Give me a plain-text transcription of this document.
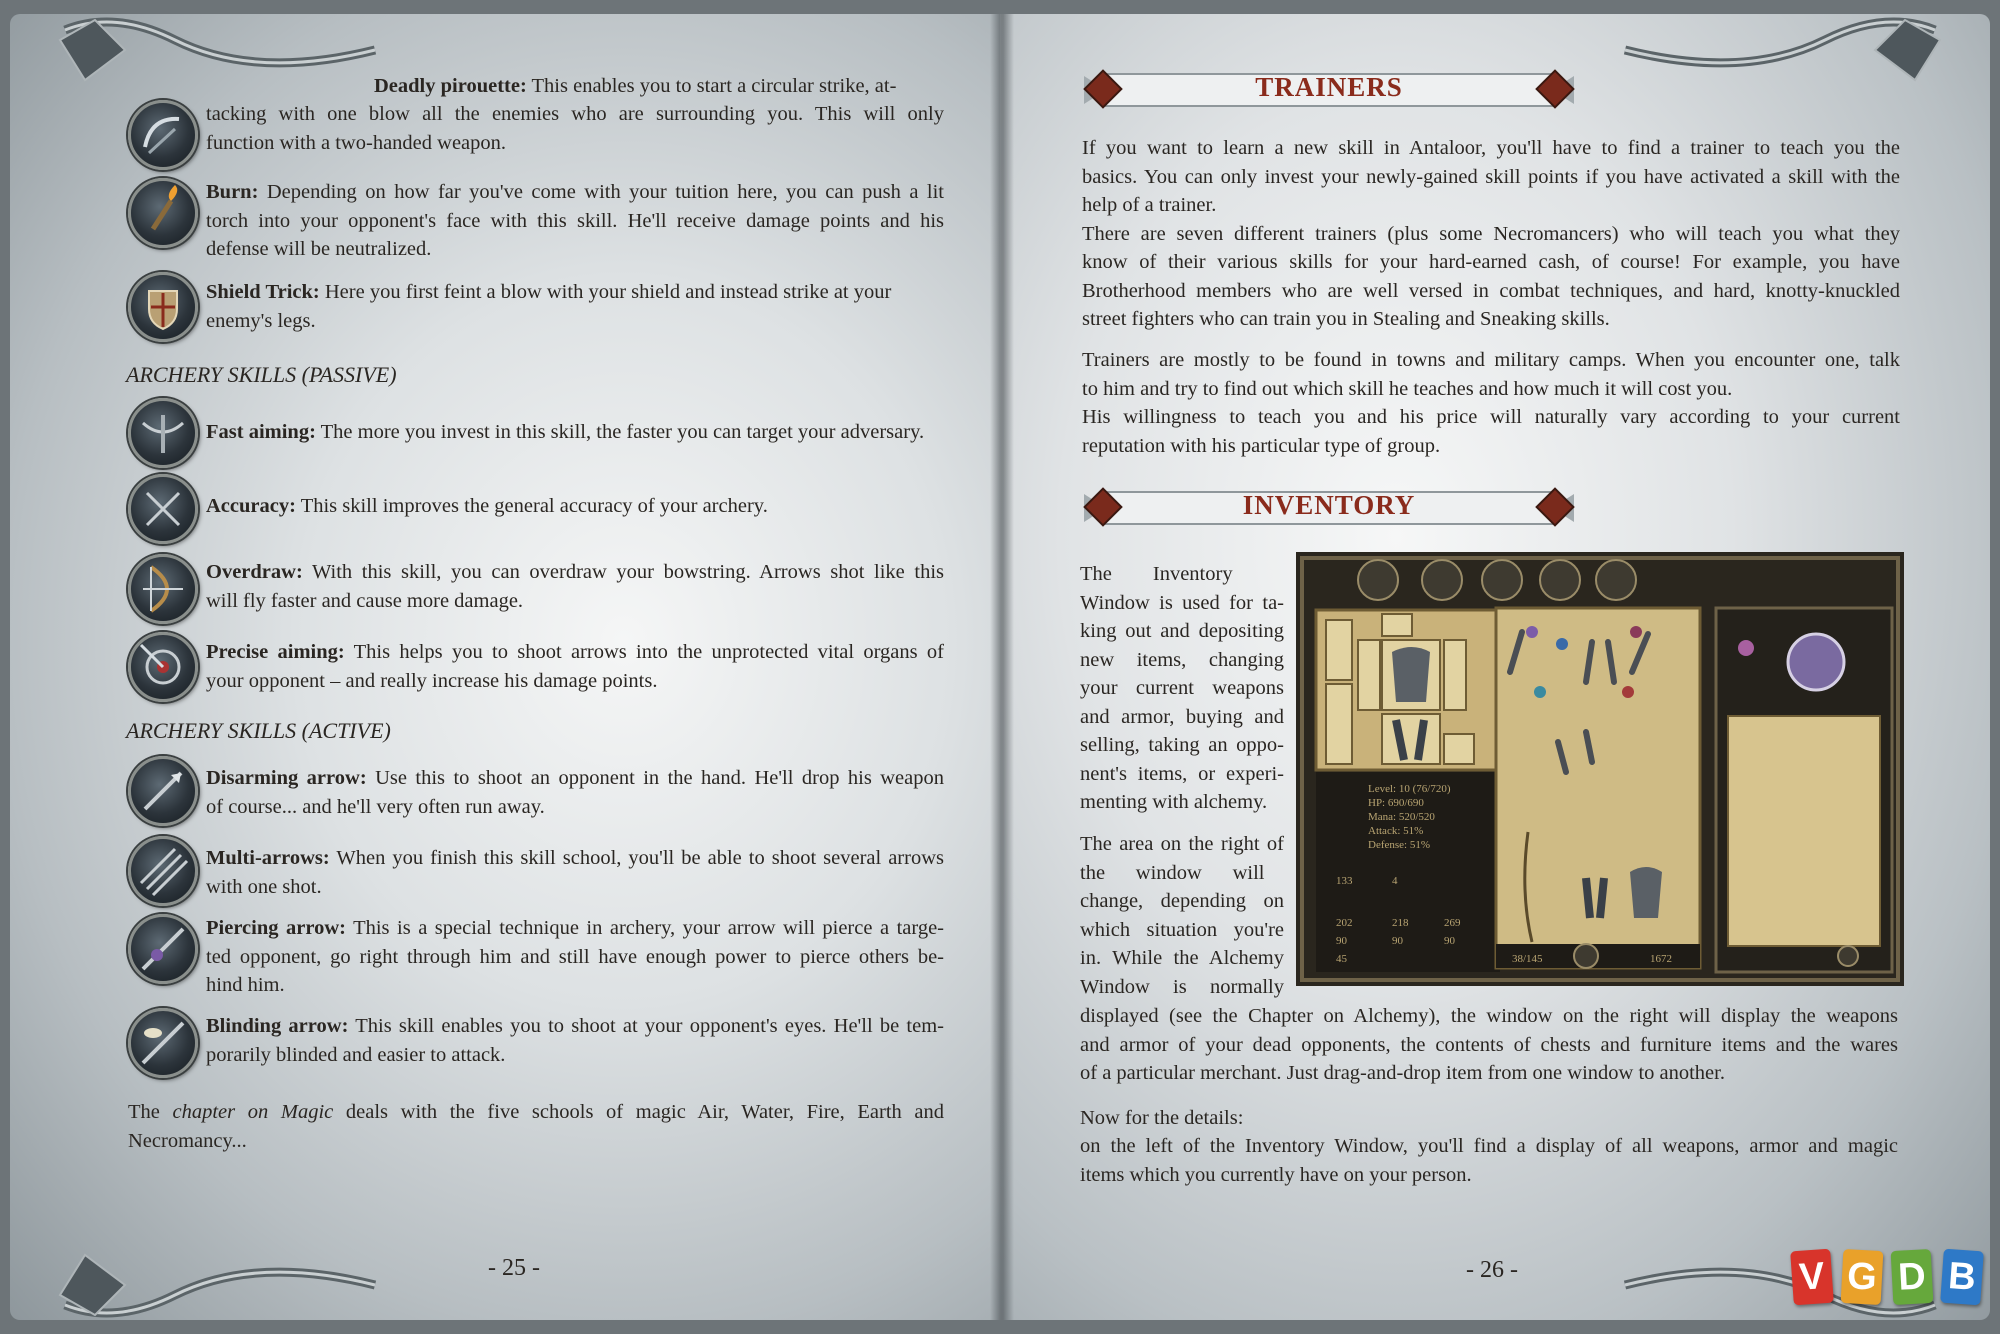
Deadly pirouette: This enables you to start a circular strike, at-
tacking with one blow all the enemies who are surrounding you. This will only
function with a two-handed weapon.
Burn: Depending on how far you've come with your tuition here, you can push a lit
torch into your opponent's face with this skill. He'll receive damage points and his
defense will be neutralized.
Shield Trick: Here you first feint a blow with your shield and instead strike at your
enemy's legs.
ARCHERY SKILLS (PASSIVE)
Fast aiming: The more you invest in this skill, the faster you can target your adversary.
Accuracy: This skill improves the general accuracy of your archery.
Overdraw: With this skill, you can overdraw your bowstring. Arrows shot like this
will fly faster and cause more damage.
Precise aiming: This helps you to shoot arrows into the unprotected vital organs of
your opponent – and really increase his damage points.
ARCHERY SKILLS (ACTIVE)
Disarming arrow: Use this to shoot an opponent in the hand. He'll drop his weapon
of course... and he'll very often run away.
Multi-arrows: When you finish this skill school, you'll be able to shoot several arrows
with one shot.
Piercing arrow: This is a special technique in archery, your arrow will pierce a targe-
ted opponent, go right through him and still have enough power to pierce others be-
hind him.
Blinding arrow: This skill enables you to shoot at your opponent's eyes. He'll be tem-
porarily blinded and easier to attack.
The chapter on Magic deals with the five schools of magic Air, Water, Fire, Earth and
Necromancy...
- 25 -
TRAINERS
If you want to learn a new skill in Antaloor, you'll have to find a trainer to teach you the
basics. You can only invest your newly-gained skill points if you have activated a skill with the
help of a trainer.
There are seven different trainers (plus some Necromancers) who will teach you what they
know of their various skills for your hard-earned cash, of course! For example, you have
Brotherhood members who are well versed in combat techniques, and hard, knotty-knuckled
street fighters who can train you in Stealing and Sneaking skills.
Trainers are mostly to be found in towns and military camps. When you encounter one, talk
to him and try to find out which skill he teaches and how much it will cost you.
His willingness to teach you and his price will naturally vary according to your current
reputation with his particular type of group.
INVENTORY
The        Inventory
Window is used for ta-
king out and depositing
new items, changing
your current weapons
and armor, buying and
selling, taking an oppo-
nent's items, or experi-
menting with alchemy.
The area on the right of
the      window      will
change, depending on
which situation you're
in. While the Alchemy
Window is normally
displayed (see the Chapter on Alchemy), the window on the right will display the weapons
and armor of your dead opponents, the contents of chests and furniture items and the wares
of a particular merchant. Just drag-and-drop item from one window to another.
Now for the details:
on the left of the Inventory Window, you'll find a display of all weapons, armor and magic
items which you currently have on your person.
Level: 10 (76/720)
HP: 690/690
Mana: 520/520
Attack: 51%
Defense: 51%
133	4
202	218	269
90	90	90
45	38/145	1672
- 26 -	V G D B
